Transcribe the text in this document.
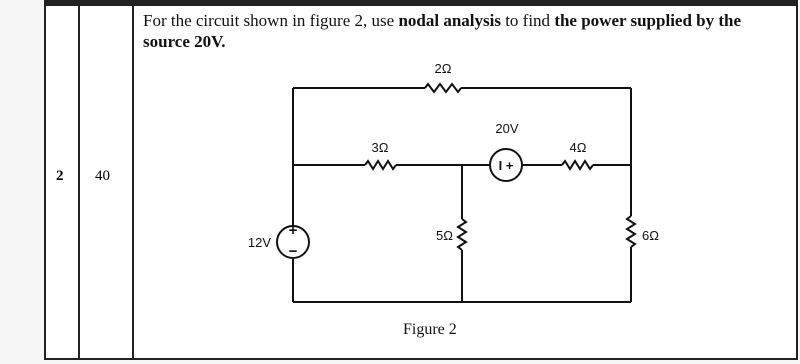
2 40
For the circuit shown in figure 2, use nodal analysis to find the power supplied by the source 20V.
+
−
I +
2Ω
3Ω	4Ω
20V
5Ω	6Ω
12V
Figure 2
